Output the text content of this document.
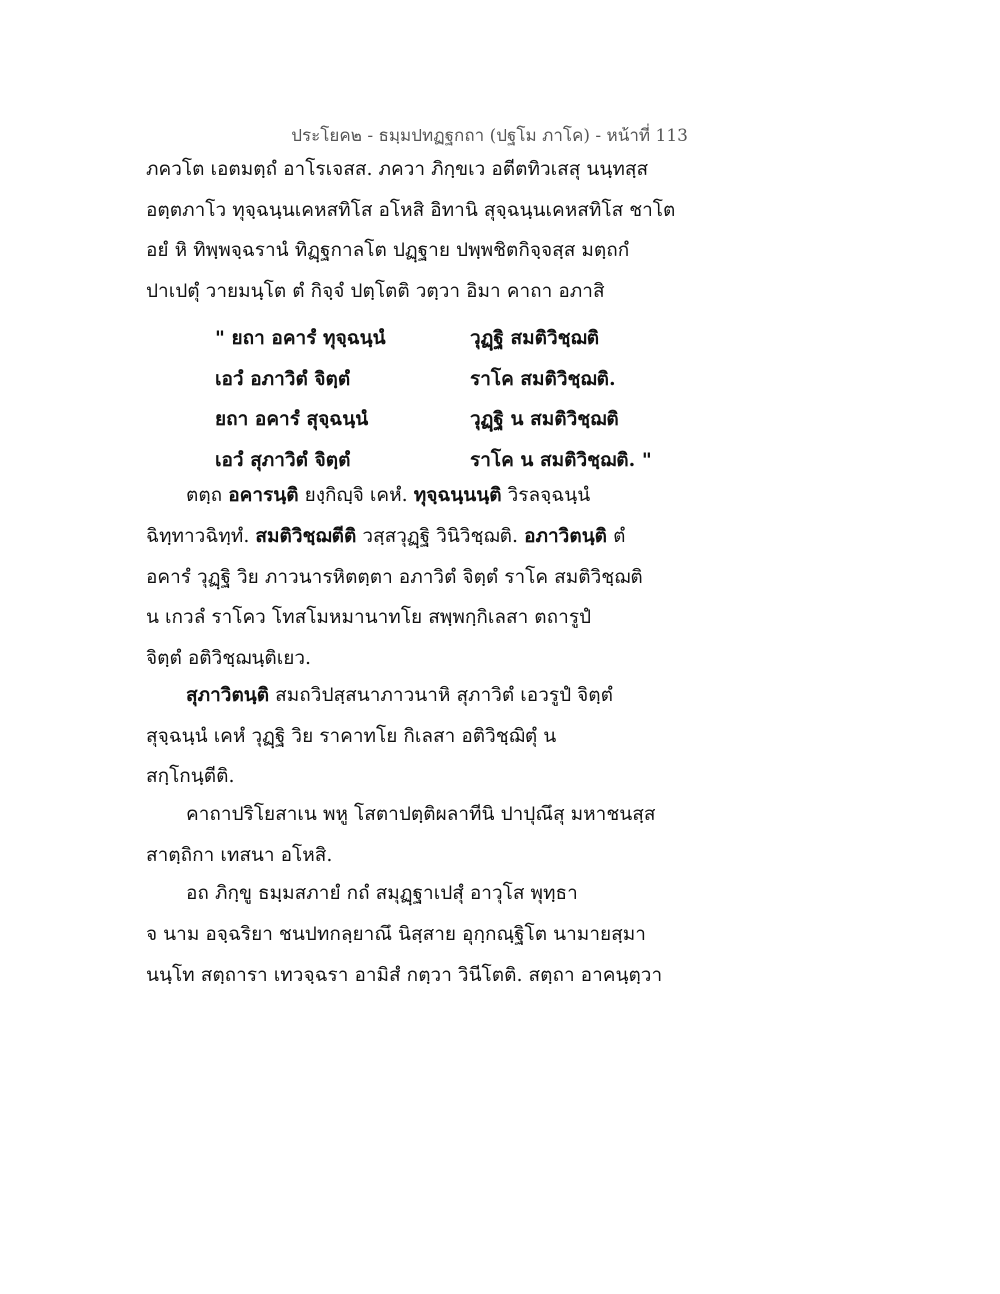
ประโยค๒ - ธมฺมปทฏฐกถา (ปฐโม ภาโค) - หน้าที่ 113
ภควโต เอตมตฺถํ อาโรเจสส. ภควา ภิกฺขเว อตีตทิวเสสุ นนฺทสฺส
อตฺตภาโว ทุจฺฉนฺนเคหสทิโส อโหสิ อิทานิ สุจฺฉนฺนเคหสทิโส ชาโต
อยํ หิ ทิพฺพจฺฉรานํ ทิฏฺฐกาลโต ปฏฺฐาย ปพฺพชิตกิจฺจสฺส มตฺถกํ
ปาเปตุํ วายมนฺโต ตํ กิจฺจํ ปตฺโตติ วตฺวา อิมา คาถา อภาสิ
" ยถา อคารํ ทุจฺฉนฺนํ	วุฏฺฐิ สมติวิชฺฌติ
เอวํ อภาวิตํ จิตฺตํ	ราโค สมติวิชฺฌติ.
ยถา อคารํ สุจฺฉนฺนํ	วุฏฺฐิ น สมติวิชฺฌติ
เอวํ สุภาวิตํ จิตฺตํ	ราโค น สมติวิชฺฌติ. "
ตตฺถ อคารนฺติ ยงฺกิญฺจิ เคหํ. ทุจฺฉนฺนนฺติ วิรลจฺฉนฺนํ
ฉิทฺทาวฉิทฺทํ. สมติวิชฺฌตีติ วสฺสวุฏฺฐิ วินิวิชฺฌติ. อภาวิตนฺติ ตํ
อคารํ วุฏฺฐิ วิย ภาวนารหิตตฺตา อภาวิตํ จิตฺตํ ราโค สมติวิชฺฌติ
น เกวลํ ราโคว โทสโมหมานาทโย สพฺพกฺกิเลสา ตถารูปํ
จิตฺตํ อติวิชฺฌนฺติเยว.
สุภาวิตนฺติ สมถวิปสฺสนาภาวนาหิ สุภาวิตํ เอวรูปํ จิตฺตํ
สุจฺฉนฺนํ เคหํ วุฏฺฐิ วิย ราคาทโย กิเลสา อติวิชฺฌิตุํ น
สกฺโกนฺตีติ.
คาถาปริโยสาเน พหู โสตาปตฺติผลาทีนิ ปาปุณึสุ มหาชนสฺส
สาตฺถิกา เทสนา อโหสิ.
อถ ภิกฺขู ธมฺมสภายํ กถํ สมุฏฺฐาเปสุํ อาวุโส พุทฺธา
จ นาม อจฺฉริยา ชนปทกลฺยาณึ นิสฺสาย อุกฺกณฺฐิโต นามายสฺมา
นนฺโท สตฺถารา เทวจฺฉรา อามิสํ กตฺวา วินีโตติ. สตฺถา อาคนฺตฺวา
